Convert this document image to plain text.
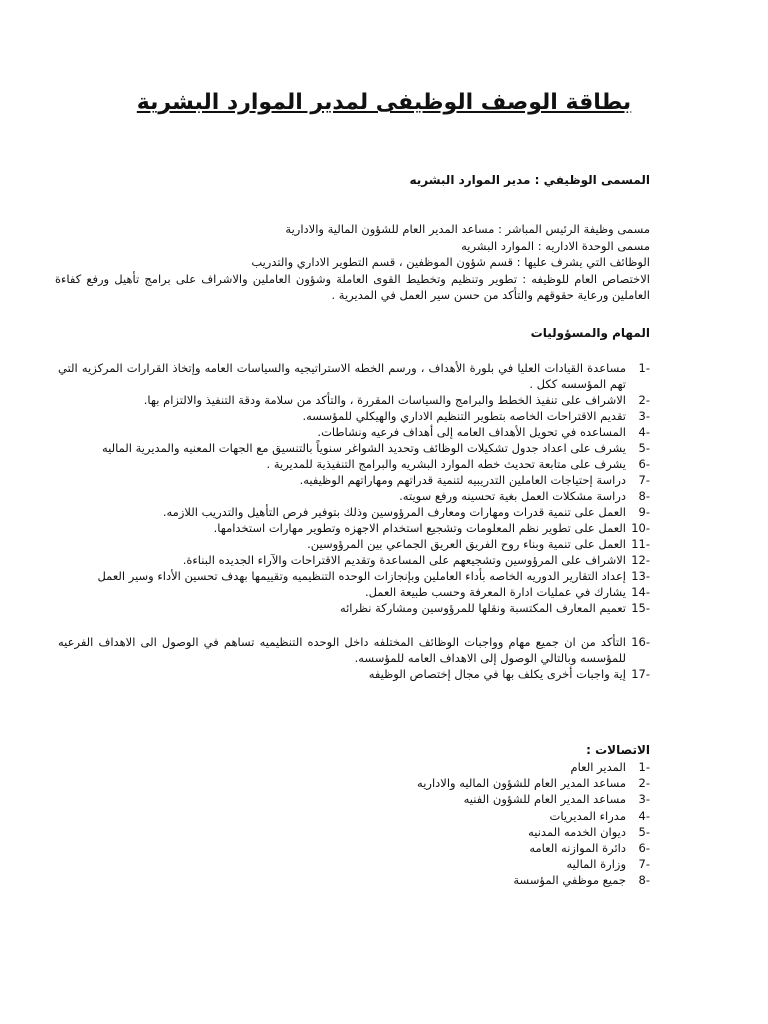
بطاقة الوصف الوظيفى لمدير الموارد البشرية
المسمى الوظيفي : مدير الموارد البشريه
مسمى وظيفة الرئيس المباشر : مساعد المدير العام للشؤون المالية والادارية
مسمى الوحدة الاداريه : الموارد البشريه
الوظائف التي يشرف عليها : قسم شؤون الموظفين ، قسم التطوير الاداري والتدريب
الاختصاص العام للوظيفه : تطوير وتنظيم وتخطيط القوى العاملة وشؤون العاملين والاشراف على برامج تأهيل ورفع كفاءة العاملين ورعاية حقوقهم والتأكد من حسن سير العمل في المديرية .
المهام والمسؤوليات
-1
مساعدة القيادات العليا في بلورة الأهداف ، ورسم الخطه الاستراتيجيه والسياسات العامه وإتخاذ القرارات المركزيه التي تهم المؤسسه ككل .
-2
الاشراف على تنفيذ الخطط والبرامج والسياسات المقررة ، والتأكد من سلامة ودقة التنفيذ والالتزام بها.
-3
تقديم الاقتراحات الخاصه بتطوير التنظيم الاداري والهيكلي للمؤسسه.
-4
المساعده في تحويل الأهداف العامه إلى أهداف فرعيه ونشاطات.
-5
يشرف على اعداد جدول تشكيلات الوظائف وتحديد الشواغر سنوياً بالتنسيق مع الجهات المعنيه والمديرية الماليه
-6
يشرف على متابعة تحديث خطه الموارد البشريه والبرامج التنفيذية للمديرية .
-7
دراسة إحتياجات العاملين التدريبيه لتنمية قدراتهم ومهاراتهم الوظيفيه.
-8
دراسة مشكلات العمل بغية تحسينه ورفع سويته.
-9
العمل على تنمية قدرات ومهارات ومعارف المرؤوسين وذلك بتوفير فرص التأهيل والتدريب اللازمه.
-10
العمل على تطوير نظم المعلومات وتشجيع استخدام الاجهزه وتطوير مهارات استخدامها.
-11
العمل على تنمية وبناء روح الفريق العريق الجماعي بين المرؤوسين.
-12
الاشراف على المرؤوسين وتشجيعهم على المساعدة وتقديم الاقتراحات والآراء الجديده البناءة.
-13
إعداد التقارير الدوريه الخاصه بأداء العاملين وبإنجازات الوحده التنظيميه وتقييمها بهدف تحسين الأداء وسير العمل
-14
يشارك في عمليات ادارة المعرفة وحسب طبيعة العمل.
-15
تعميم المعارف المكتسبة ونقلها للمرؤوسين ومشاركة نظرائه
-16
التأكد من ان جميع مهام وواجبات الوظائف المختلفه داخل الوحده التنظيميه تساهم في الوصول الى الاهداف الفرعيه للمؤسسه وبالتالي الوصول إلى الاهداف العامه للمؤسسه.
-17
إية واجبات أخرى يكلف بها في مجال إختصاص الوظيفه
الاتصالات :
-1
المدير العام
-2
مساعد المدير العام للشؤون الماليه والاداريه
-3
مساعد المدير العام للشؤون الفنيه
-4
مدراء المديريات
-5
ديوان الخدمه المدنيه
-6
دائرة الموازنه العامه
-7
وزارة الماليه
-8
جميع موظفي المؤسسة
